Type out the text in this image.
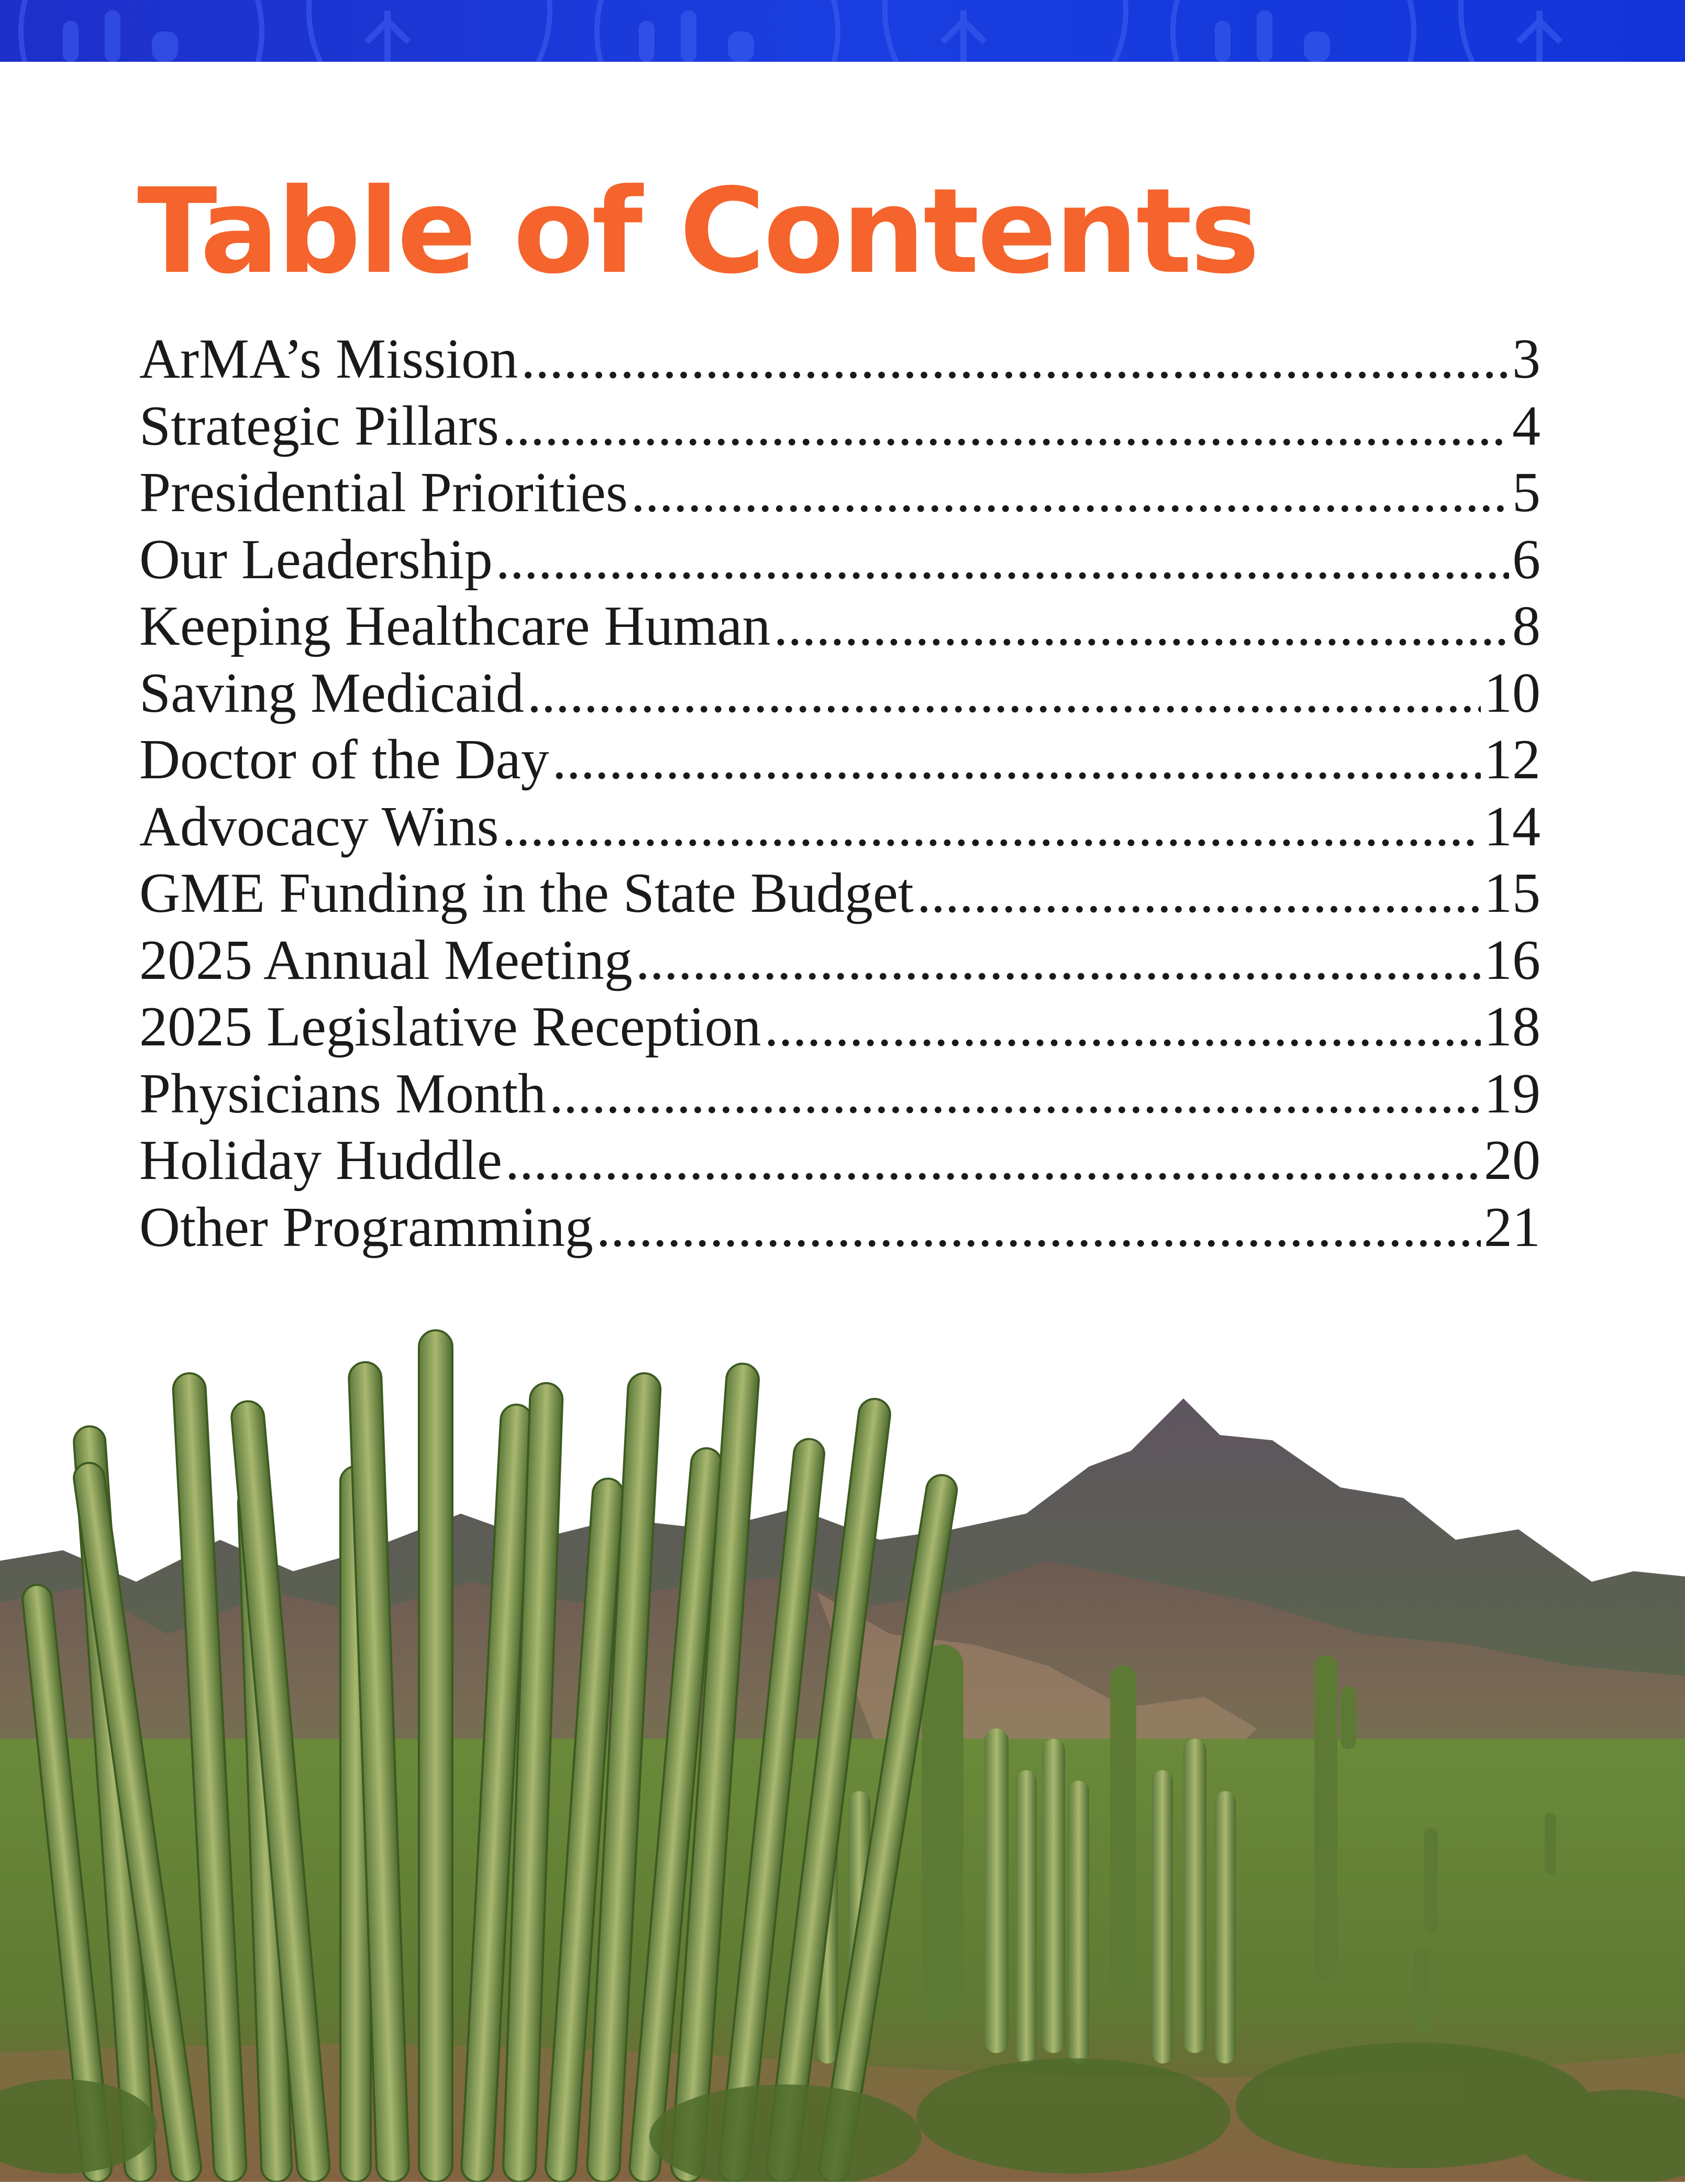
Table of Contents
ArMA’s Mission .....	3
Strategic Pillars .....	4
Presidential Priorities .....	5
Our Leadership .....	6
Keeping Healthcare Human .....	8
Saving Medicaid .....	10
Doctor of the Day .....	12
Advocacy Wins .....	14
GME Funding in the State Budget .....	15
2025 Annual Meeting .....	16
2025 Legislative Reception .....	18
Physicians Month .....	19
Holiday Huddle .....	20
Other Programming .....	21
